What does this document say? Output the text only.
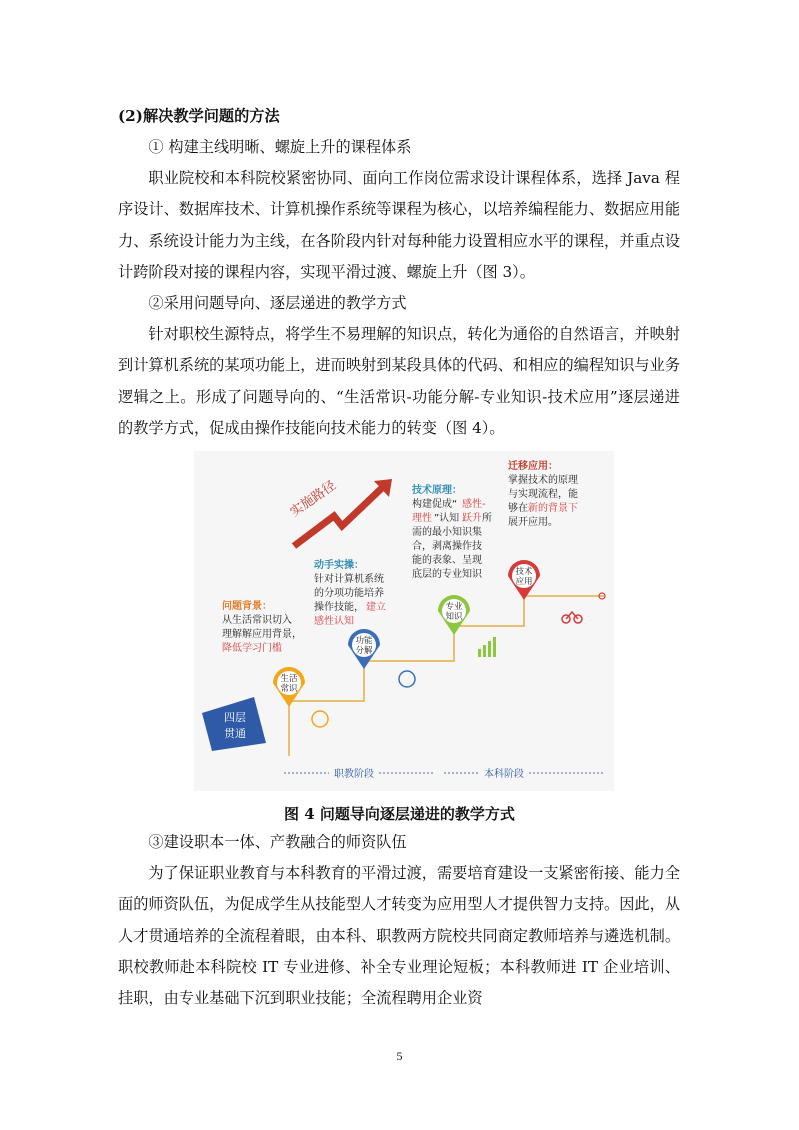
(2)解决教学问题的方法

① 构建主线明晰、螺旋上升的课程体系

职业院校和本科院校紧密协同、面向工作岗位需求设计课程体系，选择 Java 程序设计、数据库技术、计算机操作系统等课程为核心，以培养编程能力、数据应用能力、系统设计能力为主线，在各阶段内针对每种能力设置相应水平的课程，并重点设计跨阶段对接的课程内容，实现平滑过渡、螺旋上升（图 3）。

②采用问题导向、逐层递进的教学方式

针对职校生源特点，将学生不易理解的知识点，转化为通俗的自然语言，并映射到计算机系统的某项功能上，进而映射到某段具体的代码、和相应的编程知识与业务逻辑之上。形成了问题导向的、“生活常识-功能分解-专业知识-技术应用”逐层递进的教学方式，促成由操作技能向技术能力的转变（图 4）。

实施路径
四层
贯通
生活
常识
功能
分解
专业
知识
技术
应用
问题背景：
从生活常识切入
理解解应用背景，
降低学习门槛
动手实操：
针对计算机系统
的分项功能培养
操作技能， 建立
感性认知
技术原理：
构建促成“ 感性-
理性 ”认知 跃升 所
需的最小知识集
合，剥离操作技
能的表象、呈现
底层的专业知识
迁移应用：
掌握技术的原理
与实现流程，能
够在 新的背景下
展开应用。
职教阶段	本科阶段
图 4 问题导向逐层递进的教学方式

③建设职本一体、产教融合的师资队伍

为了保证职业教育与本科教育的平滑过渡，需要培育建设一支紧密衔接、能力全面的师资队伍，为促成学生从技能型人才转变为应用型人才提供智力支持。因此，从人才贯通培养的全流程着眼，由本科、职教两方院校共同商定教师培养与遴选机制。职校教师赴本科院校 IT 专业进修、补全专业理论短板；本科教师进 IT 企业培训、挂职，由专业基础下沉到职业技能；全流程聘用企业资

5
